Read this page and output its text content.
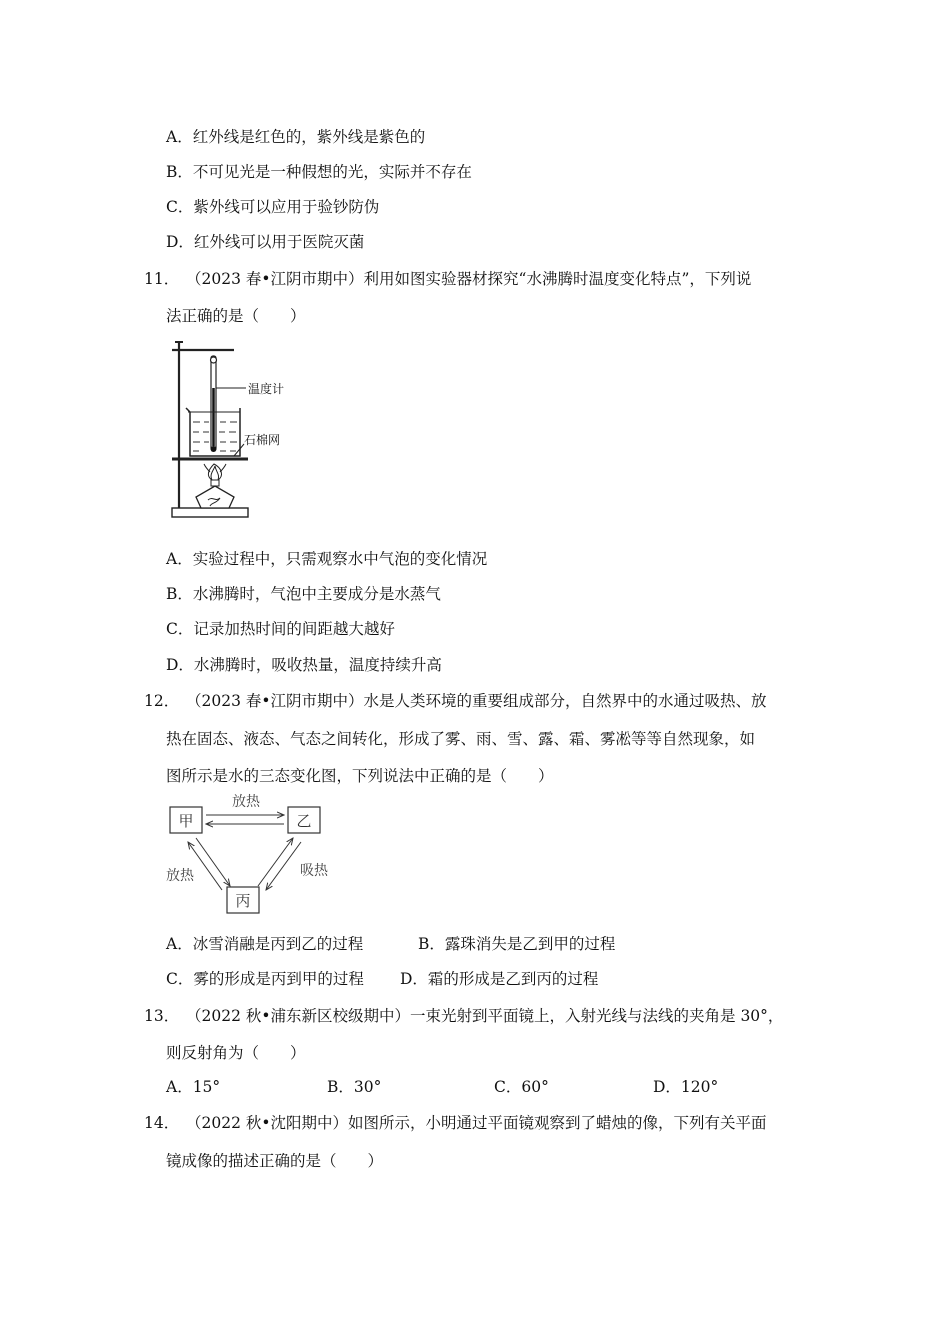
A．红外线是红色的，紫外线是紫色的
B．不可见光是一种假想的光，实际并不存在
C．紫外线可以应用于验钞防伪
D．红外线可以用于医院灭菌
11． （2023 春•江阴市期中）利用如图实验器材探究“水沸腾时温度变化特点”，下列说
法正确的是（　　）
温度计
石棉网
A．实验过程中，只需观察水中气泡的变化情况
B．水沸腾时，气泡中主要成分是水蒸气
C．记录加热时间的间距越大越好
D．水沸腾时，吸收热量，温度持续升高
12． （2023 春•江阴市期中）水是人类环境的重要组成部分，自然界中的水通过吸热、放
热在固态、液态、气态之间转化，形成了雾、雨、雪、露、霜、雾凇等等自然现象，如
图所示是水的三态变化图，下列说法中正确的是（　　）
甲	乙
丙
放热
放热	吸热
A．冰雪消融是丙到乙的过程	B．露珠消失是乙到甲的过程
C．雾的形成是丙到甲的过程 D．霜的形成是乙到丙的过程
13． （2022 秋•浦东新区校级期中）一束光射到平面镜上，入射光线与法线的夹角是 30°，
则反射角为（　　）
A．15°	B．30°	C．60°	D．120°
14． （2022 秋•沈阳期中）如图所示，小明通过平面镜观察到了蜡烛的像，下列有关平面
镜成像的描述正确的是（　　）
